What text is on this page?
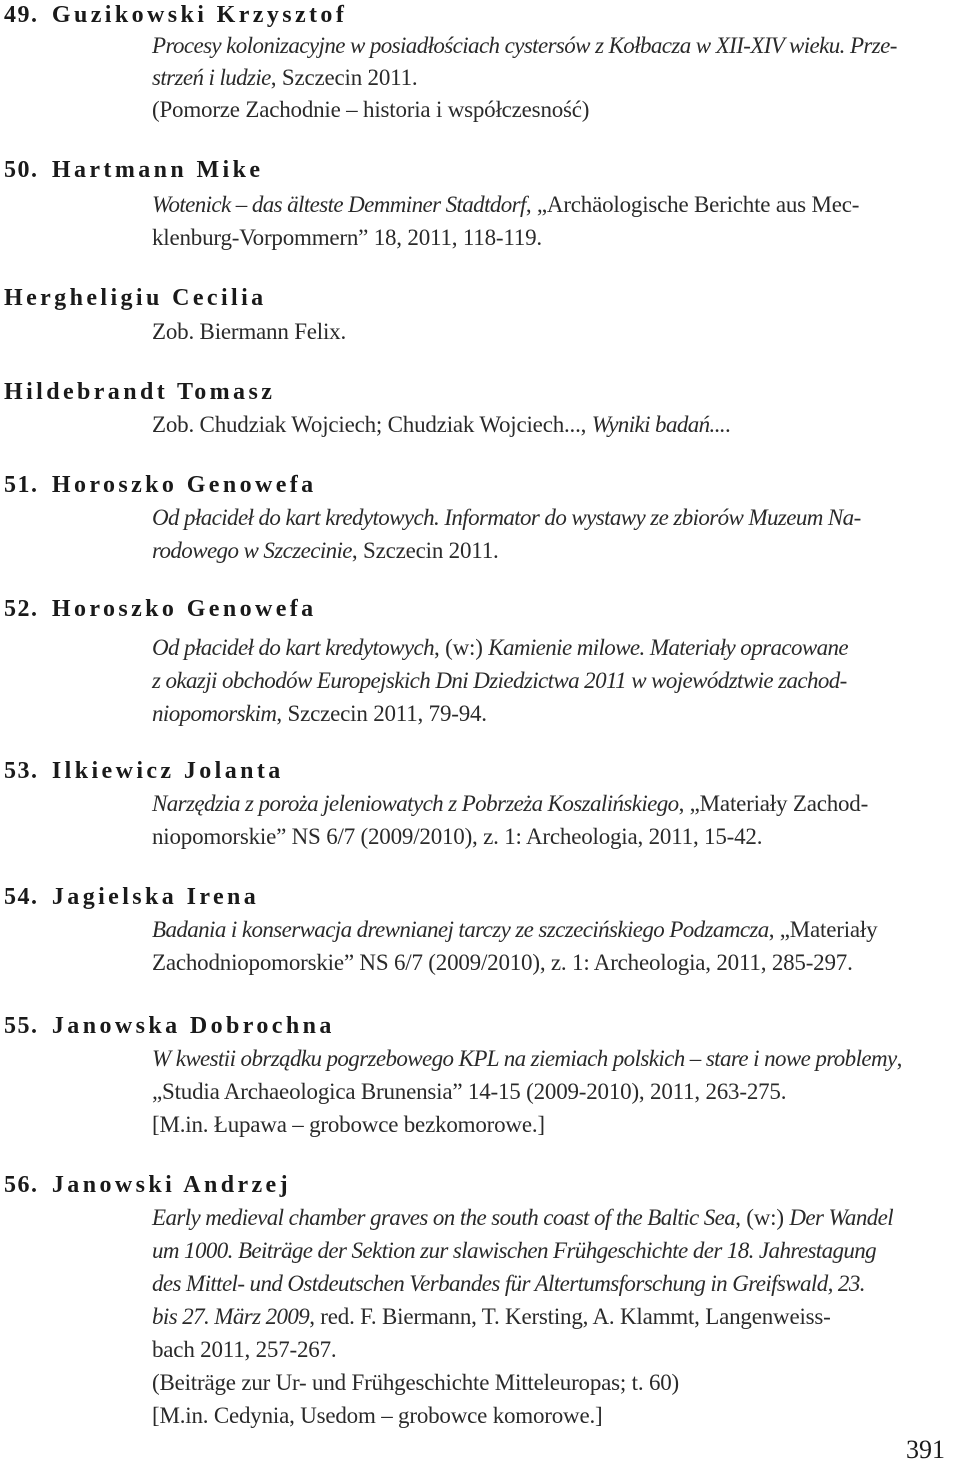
49. Guzikowski Krzysztof
Procesy kolonizacyjne w posiadłościach cystersów z Kołbacza w XII-XIV wieku. Prze-
strzeń i ludzie, Szczecin 2011.
(Pomorze Zachodnie – historia i współczesność)
50. Hartmann Mike
Wotenick – das älteste Demminer Stadtdorf, „Archäologische Berichte aus Mec-
klenburg-Vorpommern” 18, 2011, 118-119.
Hergheligiu Cecilia
Zob. Biermann Felix.
Hildebrandt Tomasz
Zob. Chudziak Wojciech; Chudziak Wojciech..., Wyniki badań....
51. Horoszko Genowefa
Od płacideł do kart kredytowych. Informator do wystawy ze zbiorów Muzeum Na-
rodowego w Szczecinie, Szczecin 2011.
52. Horoszko Genowefa
Od płacideł do kart kredytowych, (w:) Kamienie milowe. Materiały opracowane
z okazji obchodów Europejskich Dni Dziedzictwa 2011 w województwie zachod-
niopomorskim, Szczecin 2011, 79-94.
53. Ilkiewicz Jolanta
Narzędzia z poroża jeleniowatych z Pobrzeża Koszalińskiego, „Materiały Zachod-
niopomorskie” NS 6/7 (2009/2010), z. 1: Archeologia, 2011, 15-42.
54. Jagielska Irena
Badania i konserwacja drewnianej tarczy ze szczecińskiego Podzamcza, „Materiały
Zachodniopomorskie” NS 6/7 (2009/2010), z. 1: Archeologia, 2011, 285-297.
55. Janowska Dobrochna
W kwestii obrządku pogrzebowego KPL na ziemiach polskich – stare i nowe problemy,
„Studia Archaeologica Brunensia” 14-15 (2009-2010), 2011, 263-275.
[M.in. Łupawa – grobowce bezkomorowe.]
56. Janowski Andrzej
Early medieval chamber graves on the south coast of the Baltic Sea, (w:) Der Wandel
um 1000. Beiträge der Sektion zur slawischen Frühgeschichte der 18. Jahrestagung
des Mittel- und Ostdeutschen Verbandes für Altertumsforschung in Greifswald, 23.
bis 27. März 2009, red. F. Biermann, T. Kersting, A. Klammt, Langenweiss-
bach 2011, 257-267.
(Beiträge zur Ur- und Frühgeschichte Mitteleuropas; t. 60)
[M.in. Cedynia, Usedom – grobowce komorowe.]
391
